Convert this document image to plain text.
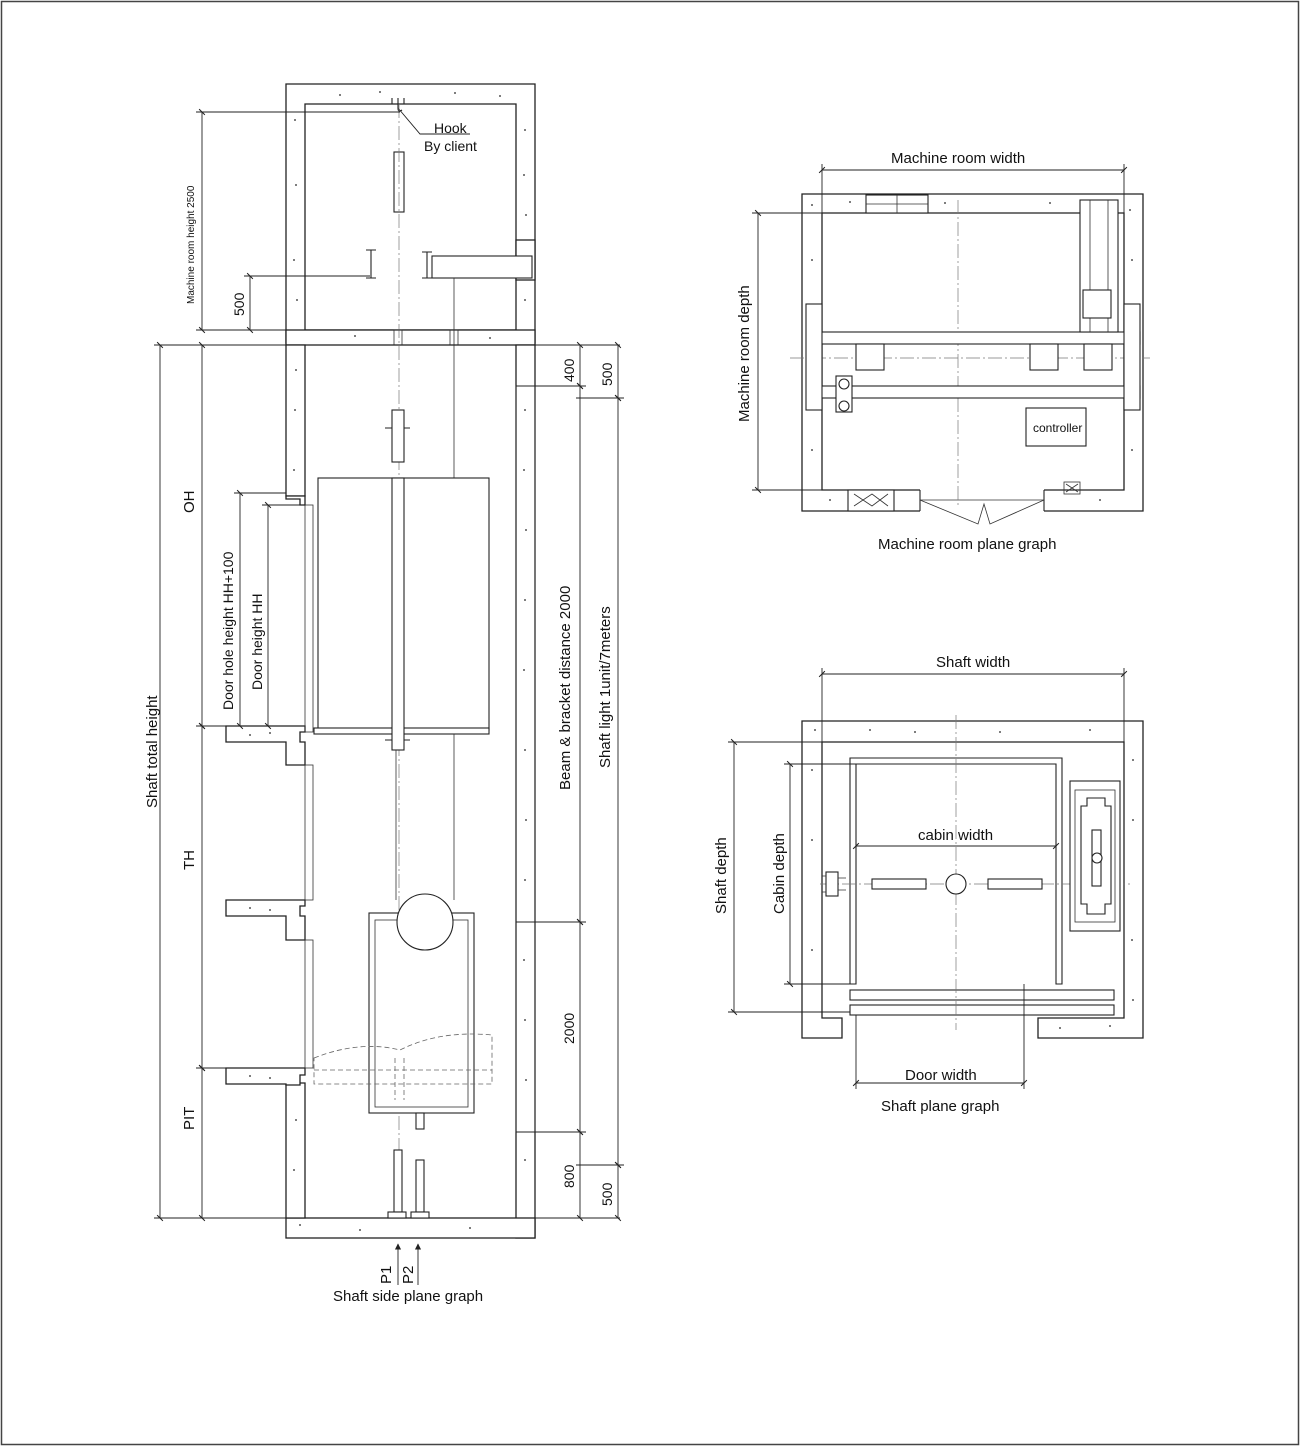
Hook
By client
Machine room height 2500
500
OH
TH
PIT
Shaft total height
Door hole height HH+100 Door height HH	Beam & bracket distance 2000 Shaft light 1unit/7meters
400 500
2000
800
500
P1 P2
Shaft side plane graph
controller
Machine room width
Machine room depth
Machine room plane graph
Shaft width
Shaft depth	Cabin depth	cabin width
Door width
Shaft plane graph
